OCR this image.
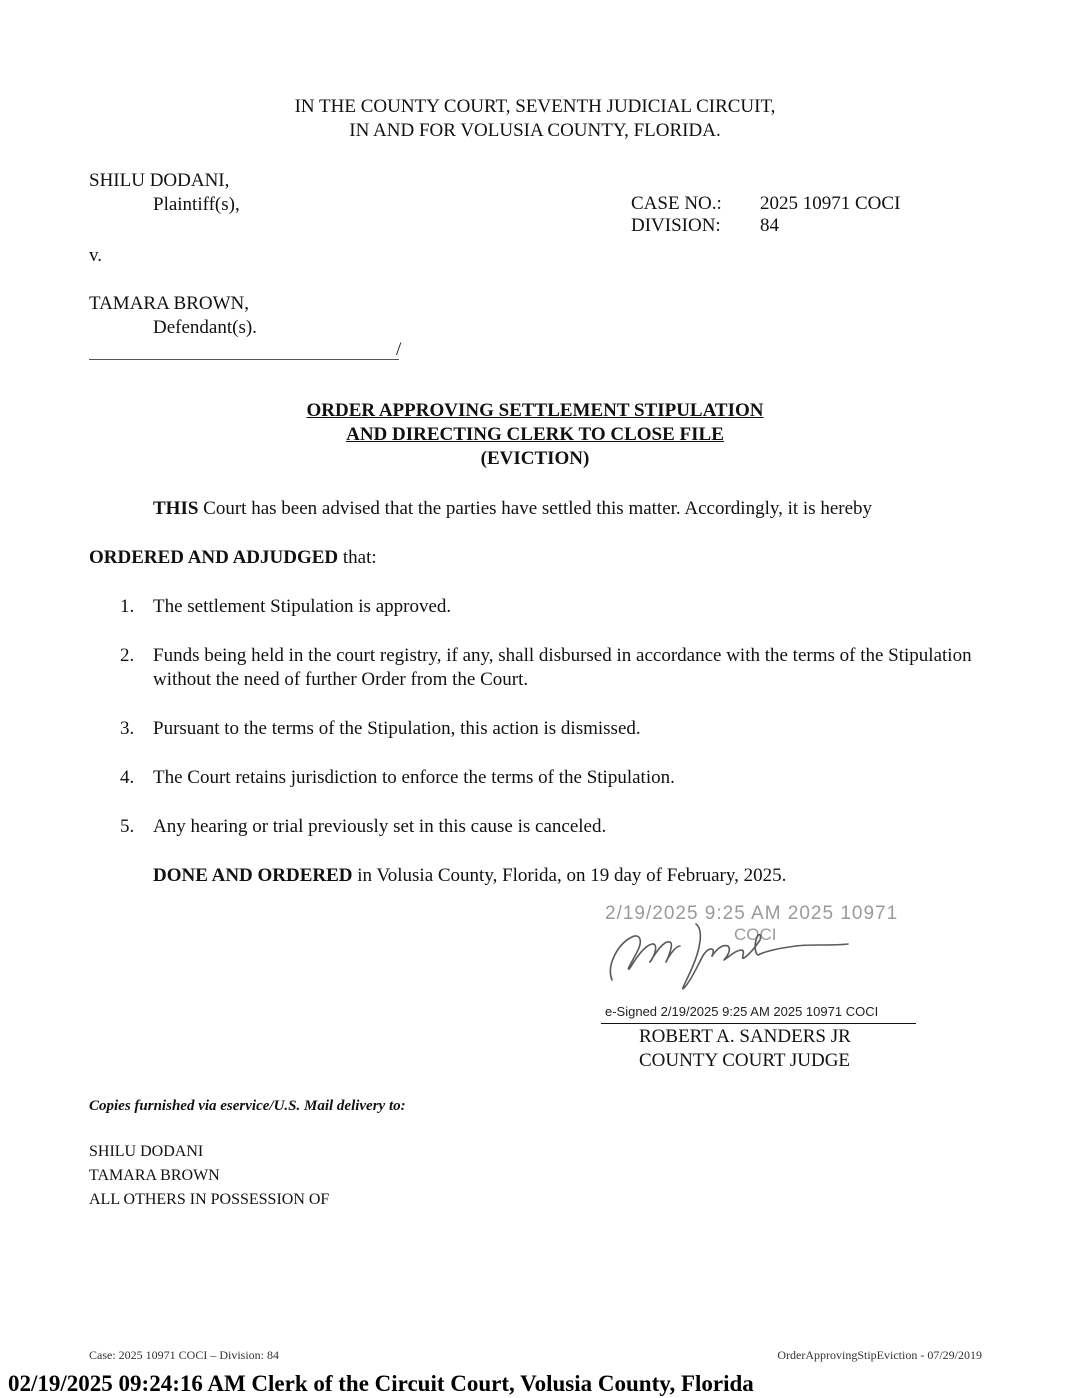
IN THE COUNTY COURT, SEVENTH JUDICIAL CIRCUIT,
IN AND FOR VOLUSIA COUNTY, FLORIDA.
SHILU DODANI,
Plaintiff(s),
v.
TAMARA BROWN,
Defendant(s).
/
CASE NO.: 2025 10971 COCI
DIVISION: 84
ORDER APPROVING SETTLEMENT STIPULATION
AND DIRECTING CLERK TO CLOSE FILE
(EVICTION)
THIS Court has been advised that the parties have settled this matter. Accordingly, it is hereby
ORDERED AND ADJUDGED that:
1. The settlement Stipulation is approved.
2. Funds being held in the court registry, if any, shall disbursed in accordance with the terms of the Stipulation without the need of further Order from the Court.
3. Pursuant to the terms of the Stipulation, this action is dismissed.
4. The Court retains jurisdiction to enforce the terms of the Stipulation.
5. Any hearing or trial previously set in this cause is canceled.
DONE AND ORDERED in Volusia County, Florida, on 19 day of February, 2025.
2/19/2025 9:25 AM 2025 10971
COCI
e-Signed 2/19/2025 9:25 AM 2025 10971 COCI
ROBERT A. SANDERS JR
COUNTY COURT JUDGE
Copies furnished via eservice/U.S. Mail delivery to:
SHILU DODANI
TAMARA BROWN
ALL OTHERS IN POSSESSION OF
Case: 2025 10971 COCI – Division: 84	OrderApprovingStipEviction - 07/29/2019
02/19/2025 09:24:16 AM Clerk of the Circuit Court, Volusia County, Florida
